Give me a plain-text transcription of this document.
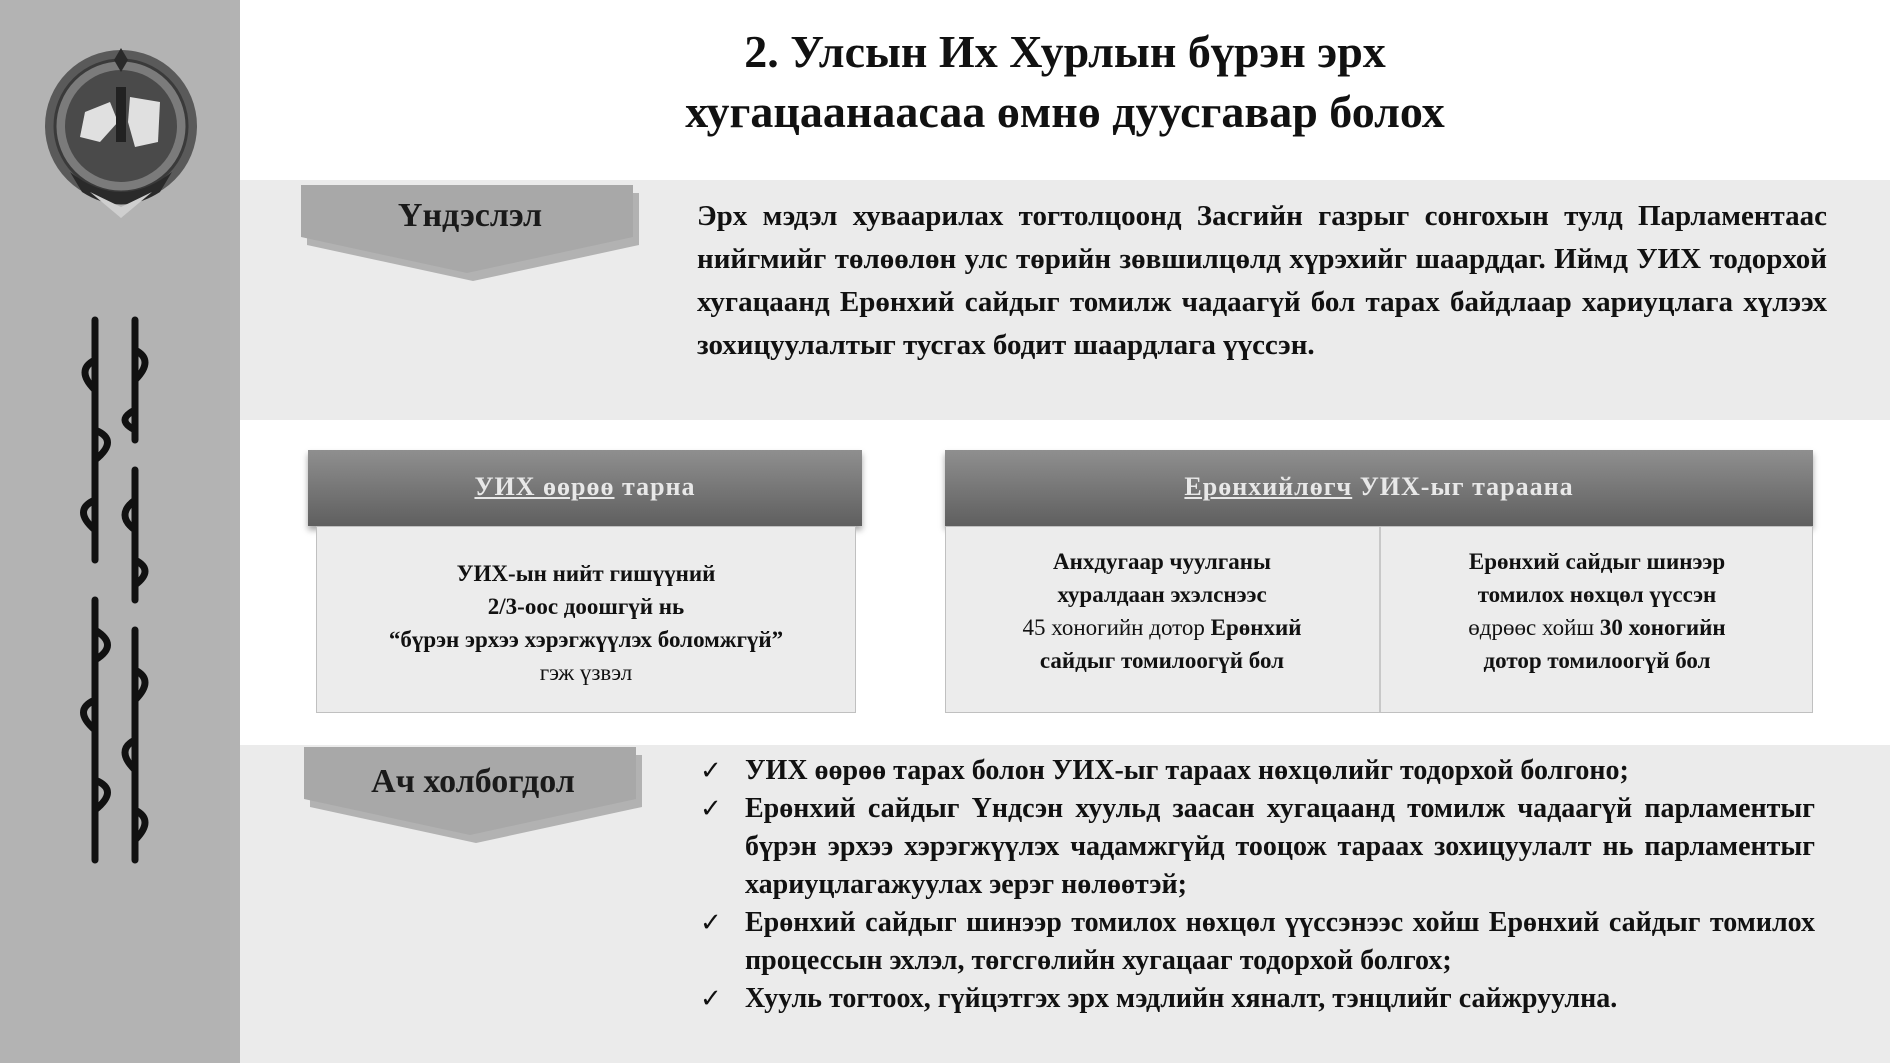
2. Улсын Их Хурлын бүрэн эрх
хугацаанаасаа өмнө дуусгавар болох
Үндэслэл	Эрх мэдэл хуваарилах тогтолцоонд Засгийн газрыг сонгохын тулд Парламентаас нийгмийг төлөөлөн улс төрийн зөвшилцөлд хүрэхийг шаарддаг. Иймд УИХ тодорхой хугацаанд Ерөнхий сайдыг томилж чадаагүй бол тарах байдлаар хариуцлага хүлээх зохицуулалтыг тусгах бодит шаардлага үүссэн.
УИХ өөрөө тарна
УИХ-ын нийт гишүүний
2/3-оос доошгүй нь
“бүрэн эрхээ хэрэгжүүлэх боломжгүй”
гэж үзвэл
Ерөнхийлөгч УИХ-ыг тараана
Анхдугаар чуулганы
хуралдаан эхэлснээс
45 хоногийн дотор Ерөнхий
сайдыг томилоогүй бол
Ерөнхий сайдыг шинээр
томилох нөхцөл үүссэн
өдрөөс хойш 30 хоногийн
дотор томилоогүй бол
Ач холбогдол	✓ УИХ өөрөө тарах болон УИХ-ыг тараах нөхцөлийг тодорхой болгоно;
✓ Ерөнхий сайдыг Үндсэн хуульд заасан хугацаанд томилж чадаагүй парламентыг бүрэн эрхээ хэрэгжүүлэх чадамжгүйд тооцож тараах зохицуулалт нь парламентыг хариуцлагажуулах эерэг нөлөөтэй;
✓ Ерөнхий сайдыг шинээр томилох нөхцөл үүссэнээс хойш Ерөнхий сайдыг томилох процессын эхлэл, төгсгөлийн хугацааг тодорхой болгох;
✓ Хууль тогтоох, гүйцэтгэх эрх мэдлийн хяналт, тэнцлийг сайжруулна.
